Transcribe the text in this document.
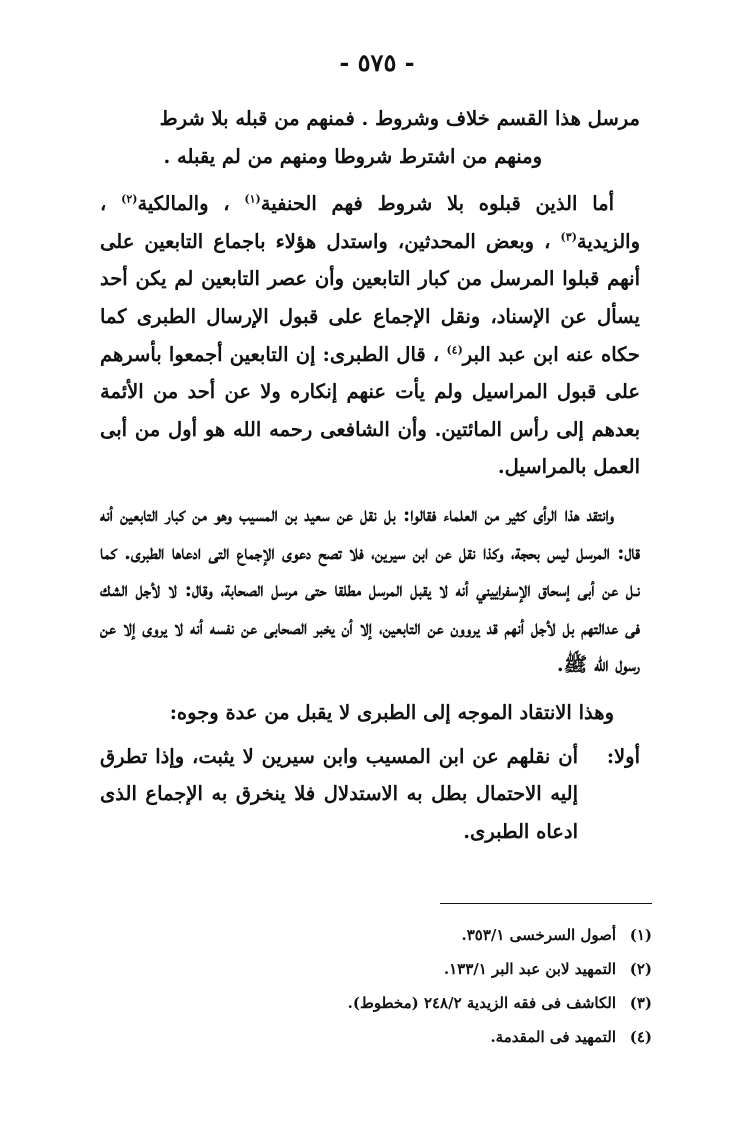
- ٥٧٥ -

مرسل هذا القسم خلاف وشروط . فمنهم من قبله بلا شرط
ومنهم من اشترط شروطا ومنهم من لم يقبله .

أما الذين قبلوه بلا شروط فهم الحنفية$^{(١)}$ ، والمالكية$^{(٢)}$ ، والزيدية$^{(٣)}$ ، وبعض المحدثين، واستدل هؤلاء باجماع التابعين على أنهم قبلوا المرسل من كبار التابعين وأن عصر التابعين لم يكن أحد يسأل عن الإسناد، ونقل الإجماع على قبول الإرسال الطبرى كما حكاه عنه ابن عبد البر$^{(٤)}$ ، قال الطبرى: إن التابعين أجمعوا بأسرهم على قبول المراسيل ولم يأت عنهم إنكاره ولا عن أحد من الأئمة بعدهم إلى رأس المائتين. وأن الشافعى رحمه الله هو أول من أبى العمل بالمراسيل.

وانتقد هذا الرأى كثير من العلماء فقالوا: بل نقل عن سعيد بن المسيب وهو من كبار التابعين أنه قال: المرسل ليس بحجة، وكذا نقل عن ابن سيرين، فلا تصح دعوى الإجماع التى ادعاها الطبرى. كما نـل عن أبى إسحاق الإسفراييني أنه لا يقبل المرسل مطلقا حتى مرسل الصحابة، وقال: لا لأجل الشك فى عدالتهم بل لأجل أنهم قد يروون عن التابعين، إلا أن يخبر الصحابى عن نفسه أنه لا يروى إلا عن رسول الله ﷺ.

وهذا الانتقاد الموجه إلى الطبرى لا يقبل من عدة وجوه:

أولا:
أن نقلهم عن ابن المسيب وابن سيرين لا يثبت، وإذا تطرق إليه الاحتمال بطل به الاستدلال فلا ينخرق به الإجماع الذى ادعاه الطبرى.
(١)
أصول السرخسى ٣٥٣/١.
(٢)
التمهيد لابن عبد البر ١٣٣/١.
(٣)
الكاشف فى فقه الزيدية ٢٤٨/٢ (مخطوط).
(٤)
التمهيد فى المقدمة.
